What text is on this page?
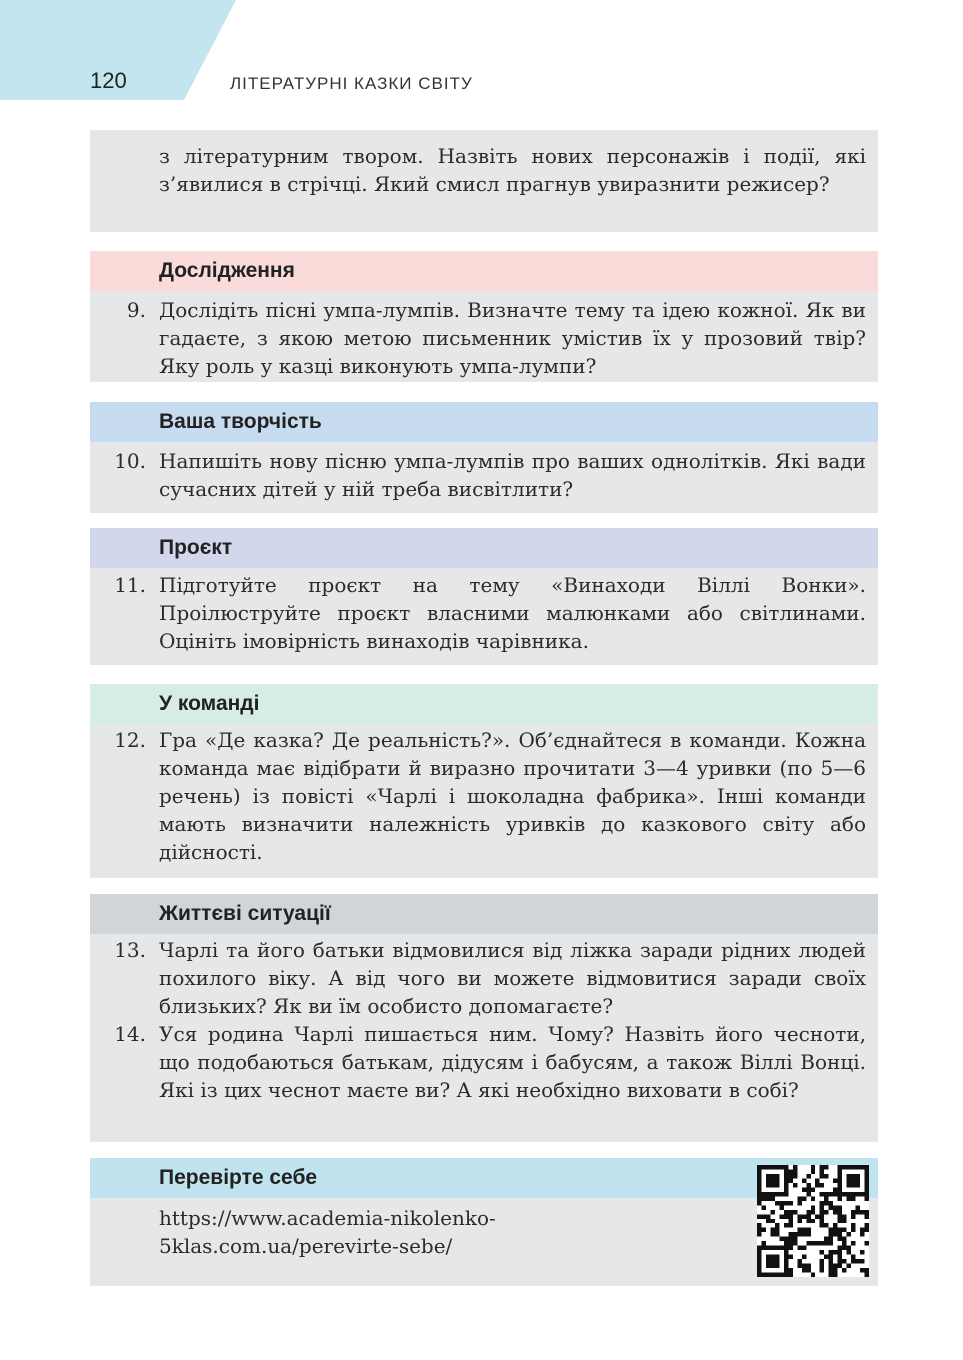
120	ЛІТЕРАТУРНІ КАЗКИ СВІТУ
з літературним твором. Назвіть нових персонажів і події, які з’явилися в стрічці. Який смисл прагнув увиразнити режисер?
Дослідження
9. Дослідіть пісні умпа-лумпів. Визначте тему та ідею кожної. Як ви гадаєте, з якою метою письменник умістив їх у прозовий твір? Яку роль у казці виконують умпа-лумпи?
Ваша творчість
10. Напишіть нову пісню умпа-лумпів про ваших однолітків. Які вади сучасних дітей у ній треба висвітлити?
Проєкт
11. Підготуйте проєкт на тему «Винаходи Віллі Вонки». Проілюструйте проєкт власними малюнками або світлинами. Оцініть імовірність винаходів чарівника.
У команді
12. Гра «Де казка? Де реальність?». Об’єднайтеся в команди. Кожна команда має відібрати й виразно прочитати 3—4 уривки (по 5—6 речень) із повісті «Чарлі і шоколадна фабрика». Інші команди мають визначити належність уривків до казкового світу або дійсності.
Життєві ситуації
13. Чарлі та його батьки відмовилися від ліжка заради рідних людей похилого віку. А від чого ви можете відмовитися заради своїх близьких? Як ви їм особисто допомагаєте?
14. Уся родина Чарлі пишається ним. Чому? Назвіть його чесноти, що подобаються батькам, дідусям і бабусям, а також Віллі Вонці. Які із цих чеснот маєте ви? А які необхідно виховати в собі?
Перевірте себе
https://www.academia-nikolenko-
5klas.com.ua/perevirte-sebe/
